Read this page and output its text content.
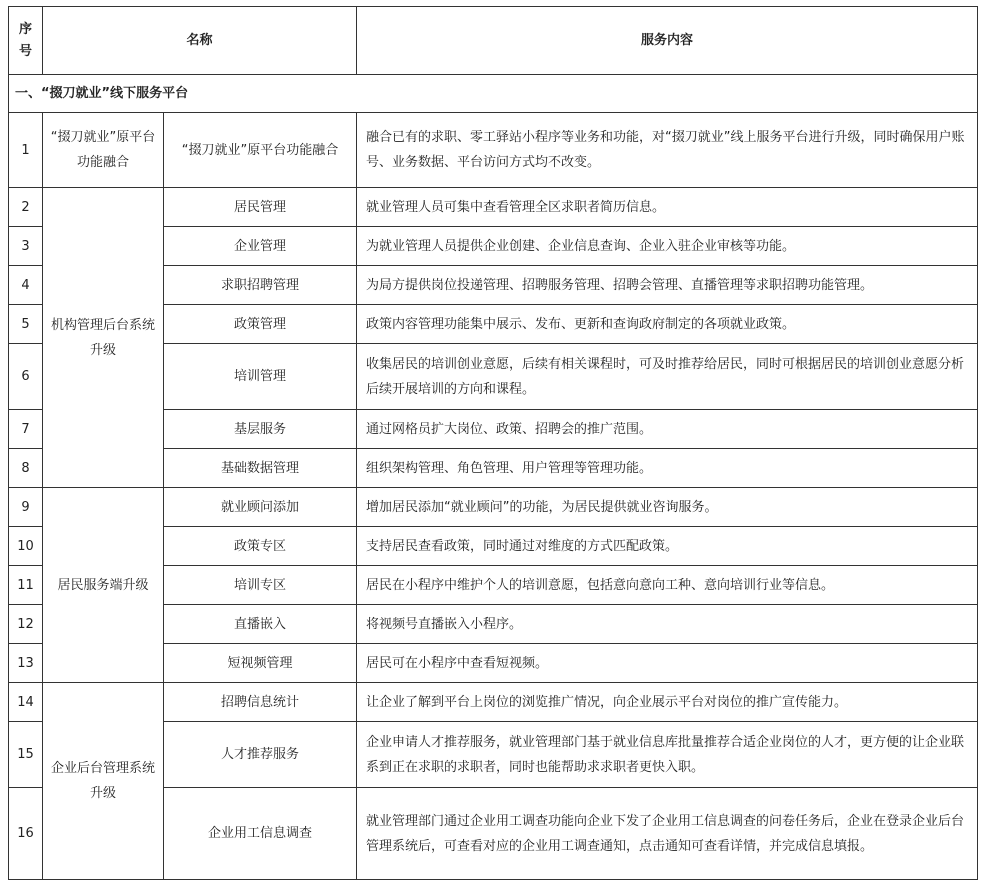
序
号	名称		服务内容
一、“掇刀就业”线下服务平台			
1	“掇刀就业”原平台功能融合	“掇刀就业”原平台功能融合	融合已有的求职、零工驿站小程序等业务和功能，对“掇刀就业”线上服务平台进行升级，同时确保用户账号、业务数据、平台访问方式均不改变。
2	机构管理后台系统升级	居民管理	就业管理人员可集中查看管理全区求职者简历信息。
3		企业管理	为就业管理人员提供企业创建、企业信息查询、企业入驻企业审核等功能。
4		求职招聘管理	为局方提供岗位投递管理、招聘服务管理、招聘会管理、直播管理等求职招聘功能管理。
5		政策管理	政策内容管理功能集中展示、发布、更新和查询政府制定的各项就业政策。
6		培训管理	收集居民的培训创业意愿，后续有相关课程时，可及时推荐给居民，同时可根据居民的培训创业意愿分析后续开展培训的方向和课程。
7		基层服务	通过网格员扩大岗位、政策、招聘会的推广范围。
8		基础数据管理	组织架构管理、角色管理、用户管理等管理功能。
9	居民服务端升级	就业顾问添加	增加居民添加“就业顾问”的功能，为居民提供就业咨询服务。
10		政策专区	支持居民查看政策，同时通过对维度的方式匹配政策。
11		培训专区	居民在小程序中维护个人的培训意愿，包括意向意向工种、意向培训行业等信息。
12		直播嵌入	将视频号直播嵌入小程序。
13		短视频管理	居民可在小程序中查看短视频。
14	企业后台管理系统升级	招聘信息统计	让企业了解到平台上岗位的浏览推广情况，向企业展示平台对岗位的推广宣传能力。
15		人才推荐服务	企业申请人才推荐服务，就业管理部门基于就业信息库批量推荐合适企业岗位的人才，更方便的让企业联系到正在求职的求职者，同时也能帮助求求职者更快入职。
16		企业用工信息调查	就业管理部门通过企业用工调查功能向企业下发了企业用工信息调查的问卷任务后，企业在登录企业后台管理系统后，可查看对应的企业用工调查通知，点击通知可查看详情，并完成信息填报。
